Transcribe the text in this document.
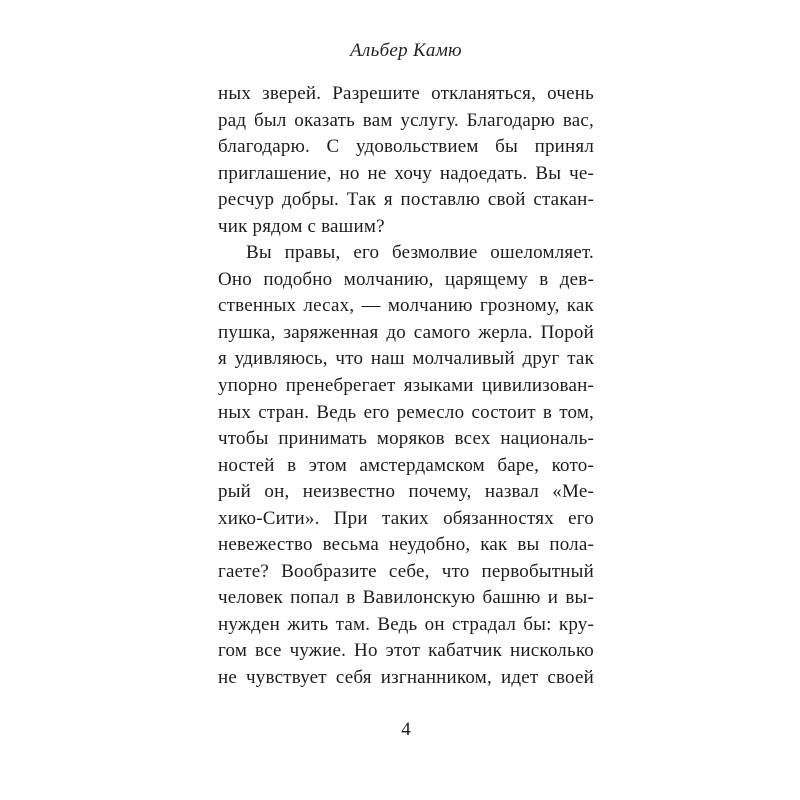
Альбер Камю
ных зверей. Разрешите откланяться, очень
рад был оказать вам услугу. Благодарю вас,
благодарю. С удовольствием бы принял
приглашение, но не хочу надоедать. Вы че-
ресчур добры. Так я поставлю свой стакан-
чик рядом с вашим?
Вы правы, его безмолвие ошеломляет.
Оно подобно молчанию, царящему в дев-
ственных лесах, — молчанию грозному, как
пушка, заряженная до самого жерла. Порой
я удивляюсь, что наш молчаливый друг так
упорно пренебрегает языками цивилизован-
ных стран. Ведь его ремесло состоит в том,
чтобы принимать моряков всех националь-
ностей в этом амстердамском баре, кото-
рый он, неизвестно почему, назвал «Ме-
хико-Сити». При таких обязанностях его
невежество весьма неудобно, как вы пола-
гаете? Вообразите себе, что первобытный
человек попал в Вавилонскую башню и вы-
нужден жить там. Ведь он страдал бы: кру-
гом все чужие. Но этот кабатчик нисколько
не чувствует себя изгнанником, идет своей
4
